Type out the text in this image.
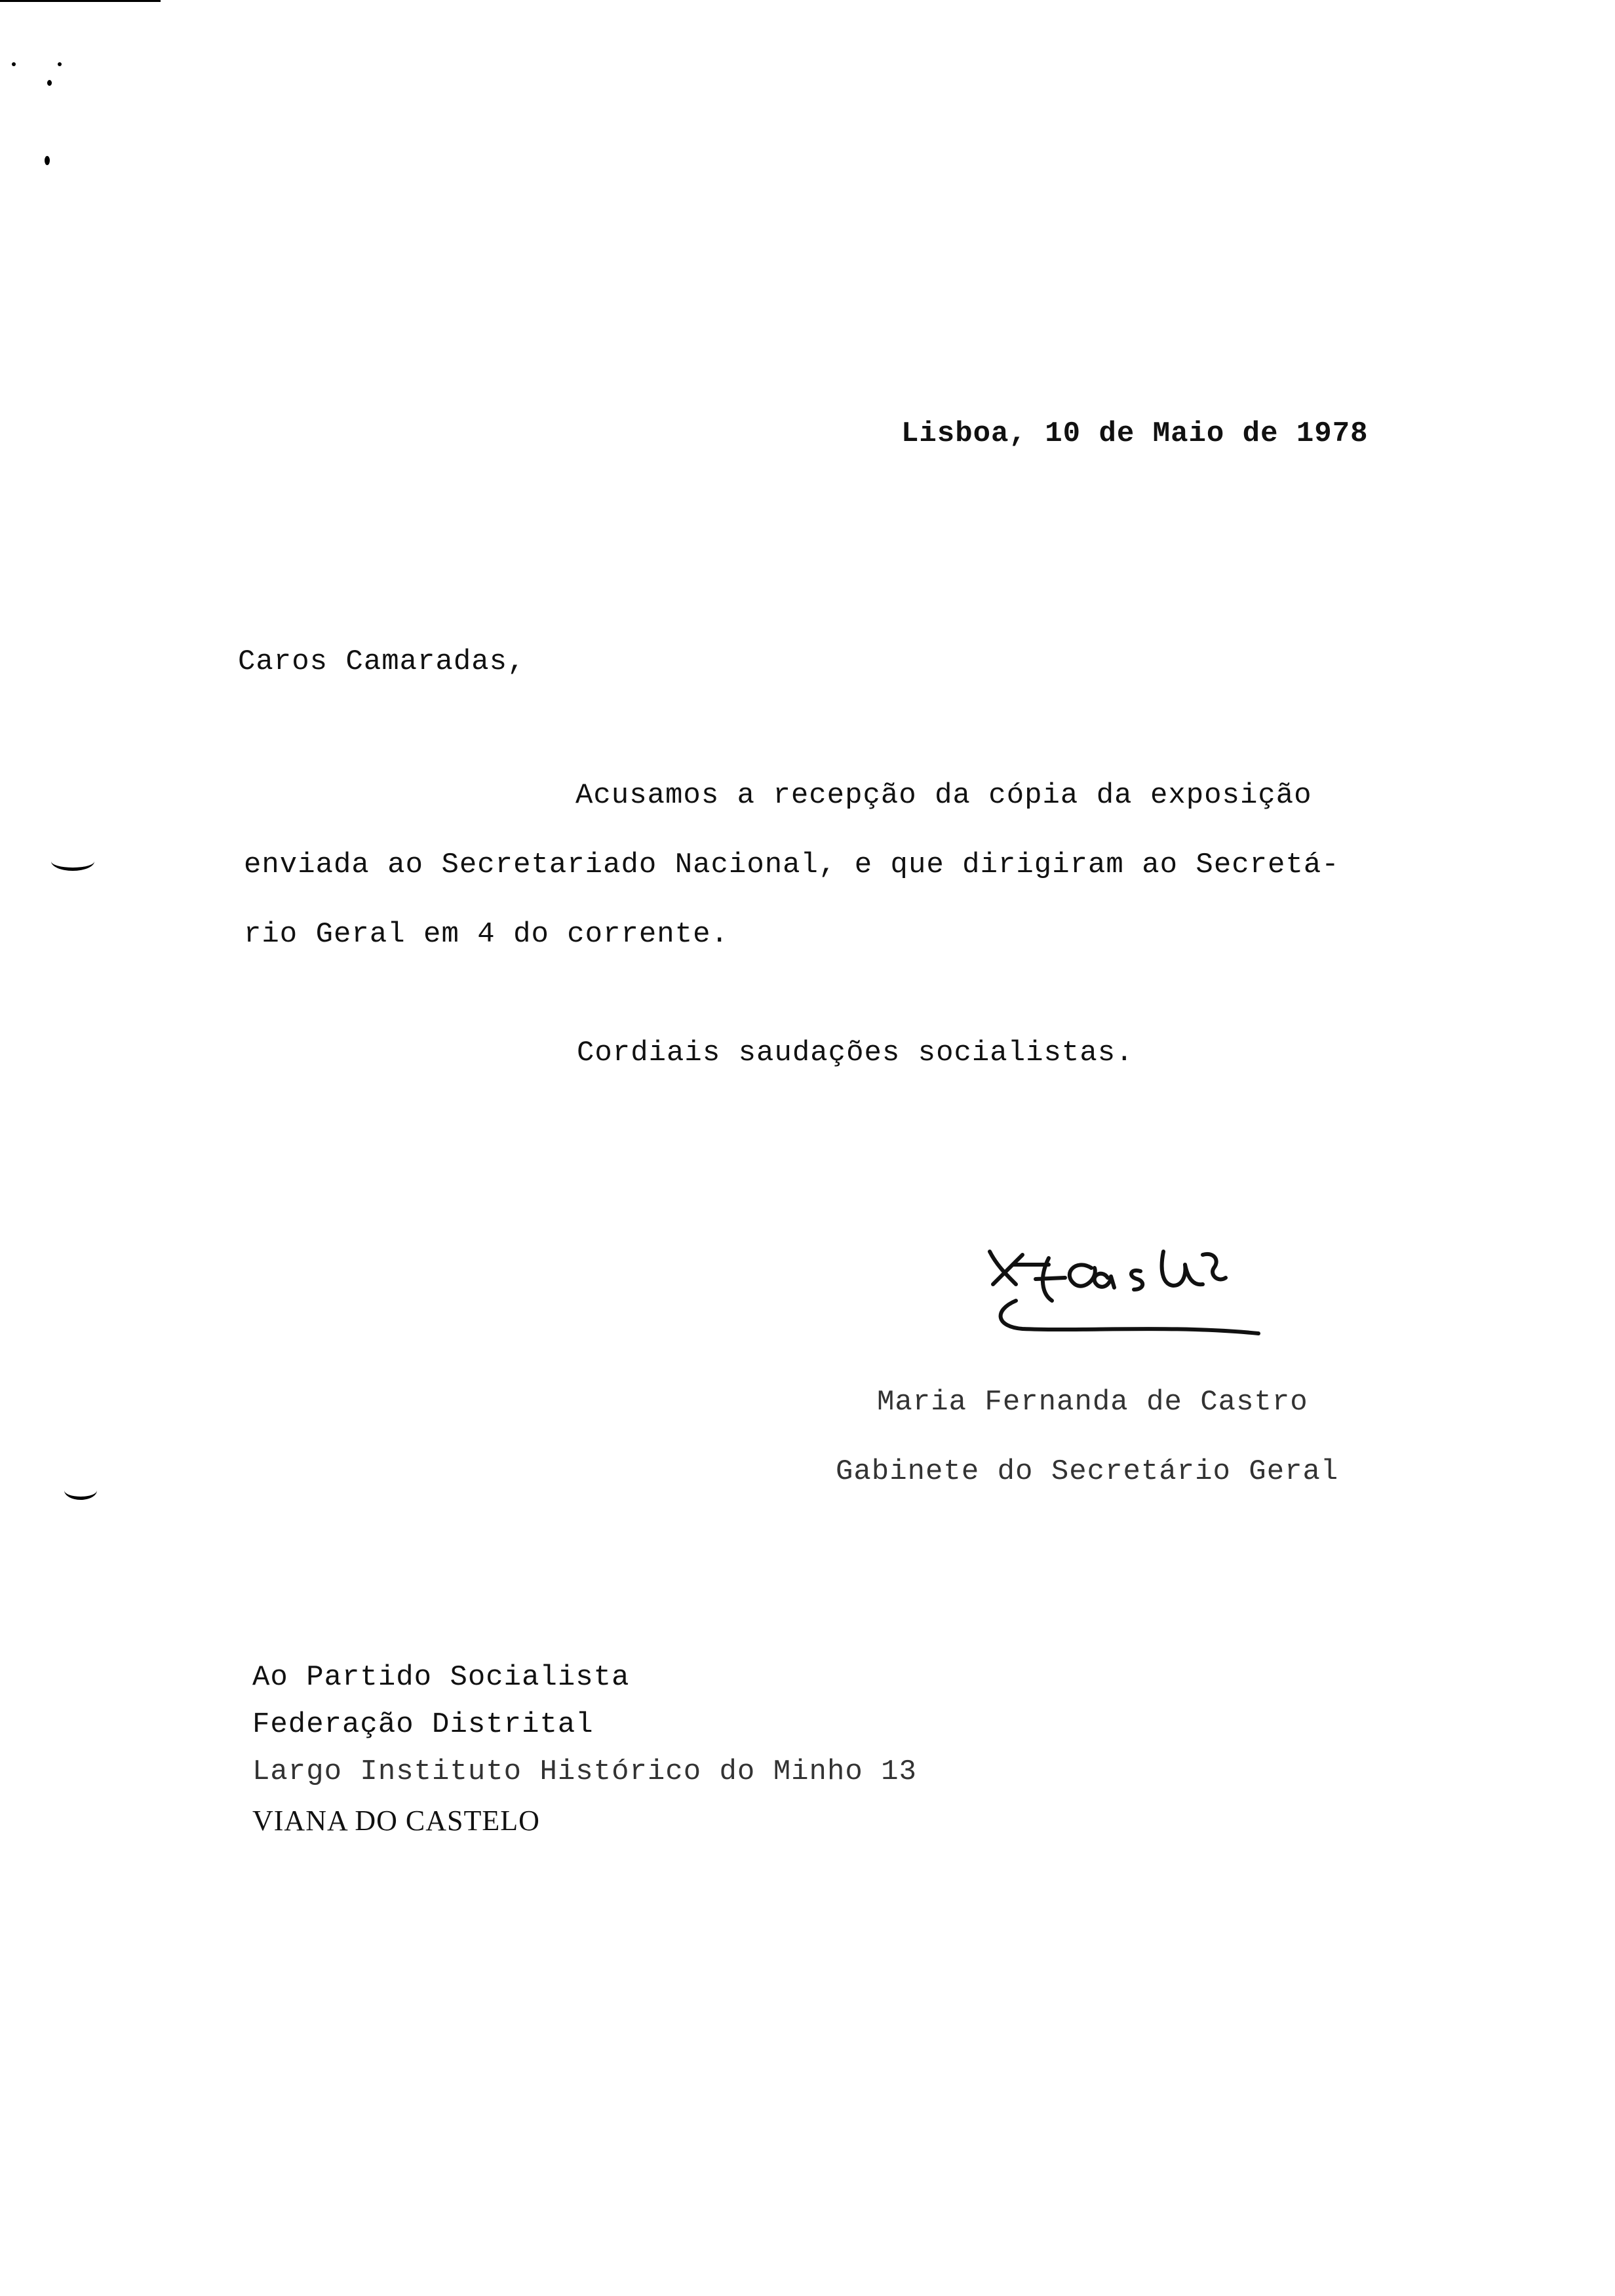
Lisboa, 10 de Maio de 1978
Caros Camaradas,
Acusamos a recepção da cópia da exposição
enviada ao Secretariado Nacional, e que dirigiram ao Secretá-
rio Geral em 4 do corrente.
Cordiais saudações socialistas.
Maria Fernanda de Castro
Gabinete do Secretário Geral
Ao Partido Socialista
Federação Distrital
Largo Instituto Histórico do Minho 13
VIANA DO CASTELO
